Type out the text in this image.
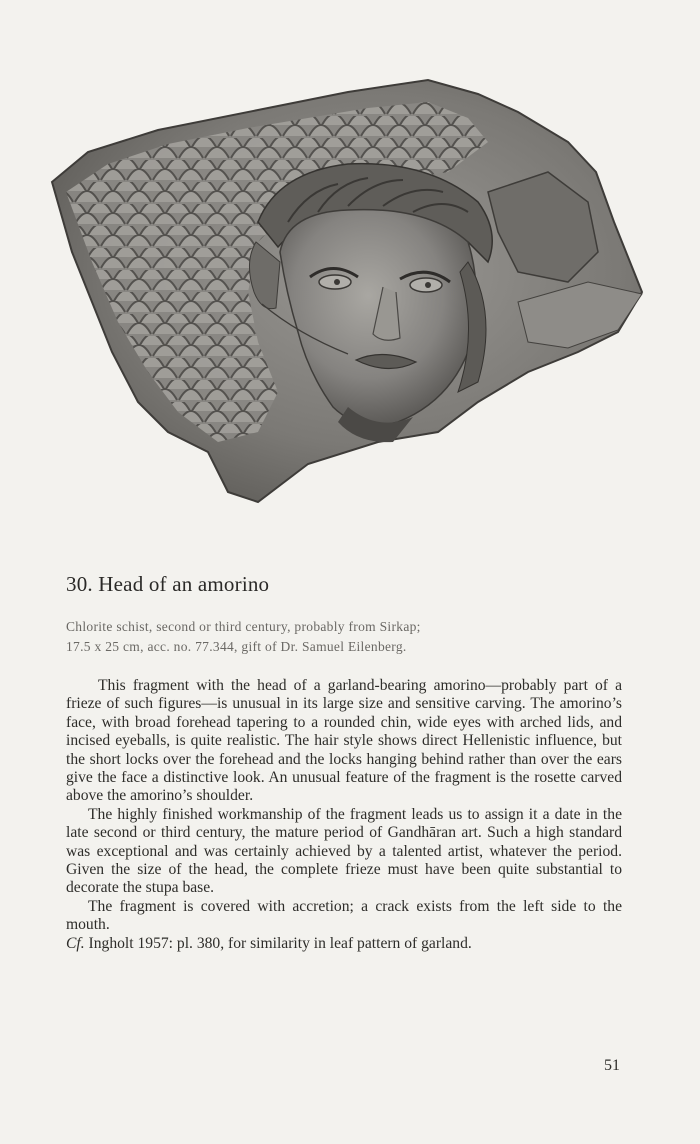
30. Head of an amorino
Chlorite schist, second or third century, probably from Sirkap;
17.5 x 25 cm, acc. no. 77.344, gift of Dr. Samuel Eilenberg.

This fragment with the head of a garland-bearing amorino—probably part of a frieze of such figures—is unusual in its large size and sensitive carving. The amorino’s face, with broad forehead tapering to a rounded chin, wide eyes with arched lids, and incised eyeballs, is quite realistic. The hair style shows direct Hellenistic influence, but the short locks over the forehead and the locks hanging behind rather than over the ears give the face a distinctive look. An unusual feature of the fragment is the rosette carved above the amorino’s shoulder.

The highly finished workmanship of the fragment leads us to assign it a date in the late second or third century, the mature period of Gandhāran art. Such a high standard was exceptional and was certainly achieved by a talented artist, whatever the period. Given the size of the head, the complete frieze must have been quite substantial to decorate the stupa base.

The fragment is covered with accretion; a crack exists from the left side to the mouth.

Cf. Ingholt 1957: pl. 380, for similarity in leaf pattern of garland.

51
